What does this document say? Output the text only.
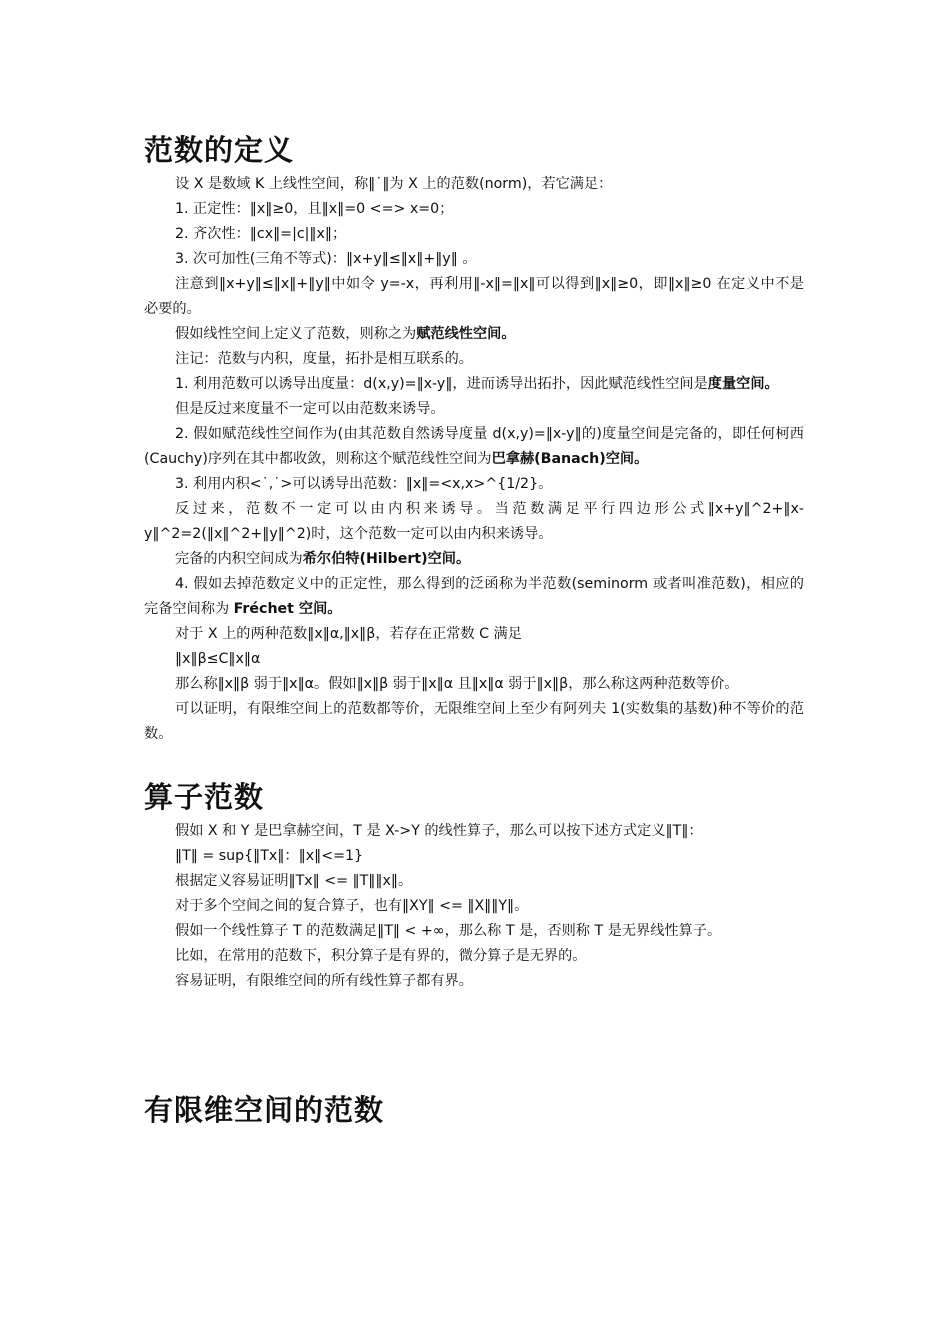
范数的定义

设 X 是数域 K 上线性空间，称‖˙‖为 X 上的范数(norm)，若它满足：

1. 正定性：‖x‖≥0，且‖x‖=0 <=> x=0；

2. 齐次性：‖cx‖=|c|‖x‖；

3. 次可加性(三角不等式)：‖x+y‖≤‖x‖+‖y‖ 。

注意到‖x+y‖≤‖x‖+‖y‖中如令 y=-x，再利用‖-x‖=‖x‖可以得到‖x‖≥0，即‖x‖≥0 在定义中不是必要的。

假如线性空间上定义了范数，则称之为赋范线性空间。

注记：范数与内积，度量，拓扑是相互联系的。

1. 利用范数可以诱导出度量：d(x,y)=‖x-y‖，进而诱导出拓扑，因此赋范线性空间是度量空间。

但是反过来度量不一定可以由范数来诱导。

2. 假如赋范线性空间作为(由其范数自然诱导度量 d(x,y)=‖x-y‖的)度量空间是完备的，即任何柯西(Cauchy)序列在其中都收敛，则称这个赋范线性空间为巴拿赫(Banach)空间。

3. 利用内积<˙,˙>可以诱导出范数：‖x‖=<x,x>^{1/2}。

反过来，范数不一定可以由内积来诱导。当范数满足平行四边形公式‖x+y‖^2+‖x-y‖^2=2(‖x‖^2+‖y‖^2)时，这个范数一定可以由内积来诱导。

完备的内积空间成为希尔伯特(Hilbert)空间。

4. 假如去掉范数定义中的正定性，那么得到的泛函称为半范数(seminorm 或者叫准范数)，相应的完备空间称为 Fréchet 空间。

对于 X 上的两种范数‖x‖α,‖x‖β，若存在正常数 C 满足

‖x‖β≤C‖x‖α

那么称‖x‖β 弱于‖x‖α。假如‖x‖β 弱于‖x‖α 且‖x‖α 弱于‖x‖β，那么称这两种范数等价。

可以证明，有限维空间上的范数都等价，无限维空间上至少有阿列夫 1(实数集的基数)种不等价的范数。

算子范数

假如 X 和 Y 是巴拿赫空间，T 是 X->Y 的线性算子，那么可以按下述方式定义‖T‖：

‖T‖ = sup{‖Tx‖：‖x‖<=1}

根据定义容易证明‖Tx‖ <= ‖T‖‖x‖。

对于多个空间之间的复合算子，也有‖XY‖ <= ‖X‖‖Y‖。

假如一个线性算子 T 的范数满足‖T‖ < +∞，那么称 T 是，否则称 T 是无界线性算子。

比如，在常用的范数下，积分算子是有界的，微分算子是无界的。

容易证明，有限维空间的所有线性算子都有界。

有限维空间的范数
